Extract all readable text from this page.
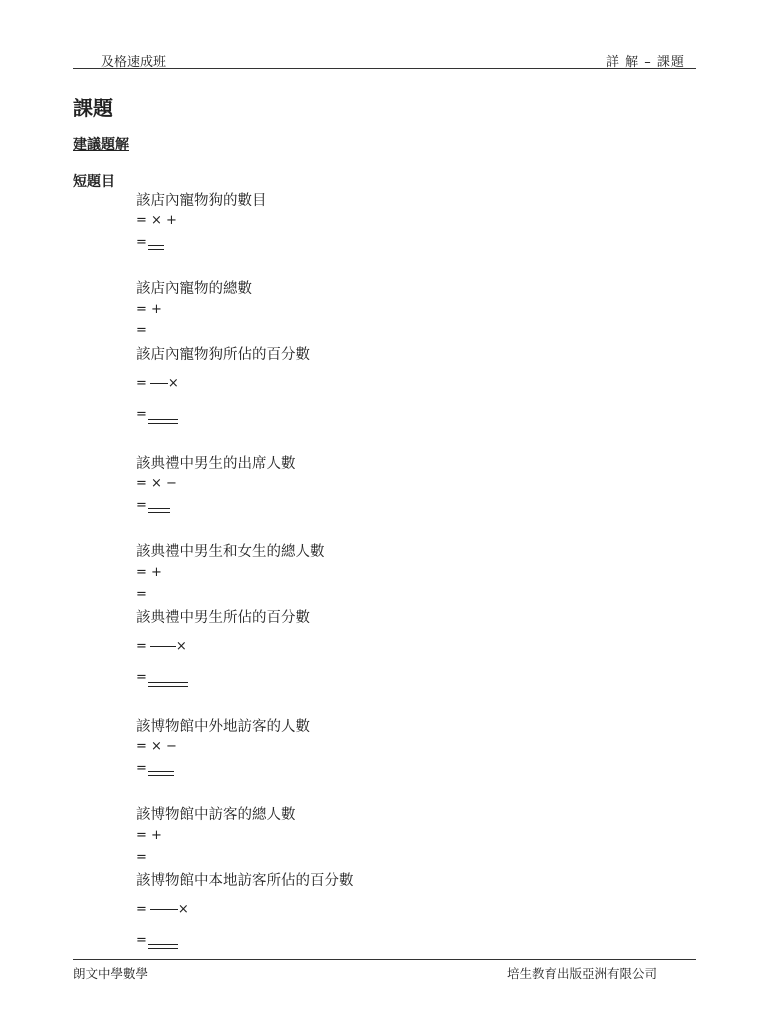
及格速成班	詳 解 – 課題
課題
建議題解
短題目
該店內寵物狗的數目
= × +
=
該店內寵物的總數
= +
=
該店內寵物狗所佔的百分數
= ×
=
該典禮中男生的出席人數
= × −
=
該典禮中男生和女生的總人數
= +
=
該典禮中男生所佔的百分數
= ×
=
該博物館中外地訪客的人數
= × −
=
該博物館中訪客的總人數
= +
=
該博物館中本地訪客所佔的百分數
= ×
=
朗文中學數學	培生教育出版亞洲有限公司
